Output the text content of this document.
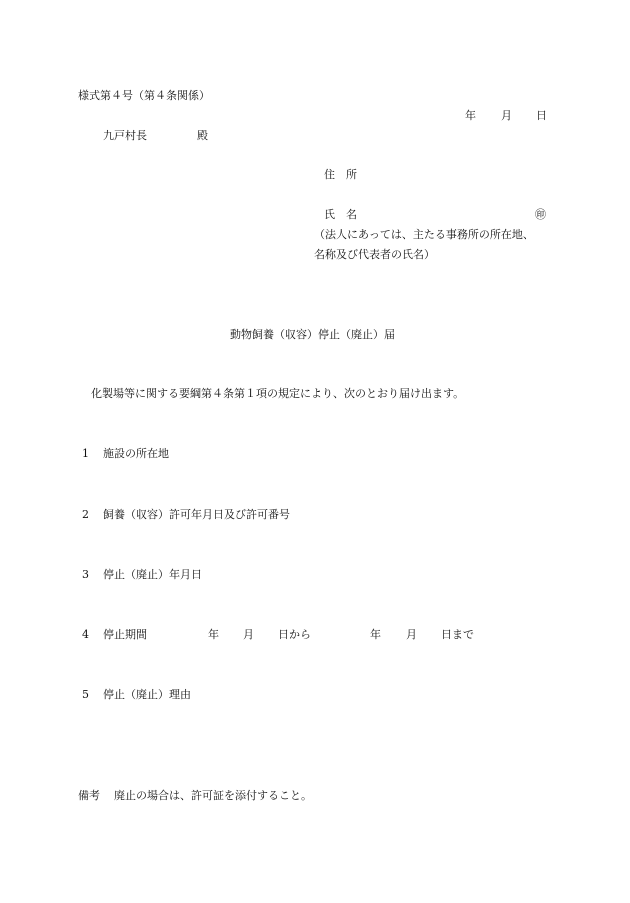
様式第４号（第４条関係）
年 月 日
九戸村長	殿
住　所
氏　名	㊞
（法人にあっては、主たる事務所の所在地、
名称及び代表者の氏名）
動物飼養（収容）停止（廃止）届
化製場等に関する要綱第４条第１項の規定により、次のとおり届け出ます。
1 施設の所在地
2 飼養（収容）許可年月日及び許可番号
3 停止（廃止）年月日
4 停止期間	年 月 日から	年 月 日まで
5 停止（廃止）理由
備考 廃止の場合は、許可証を添付すること。
